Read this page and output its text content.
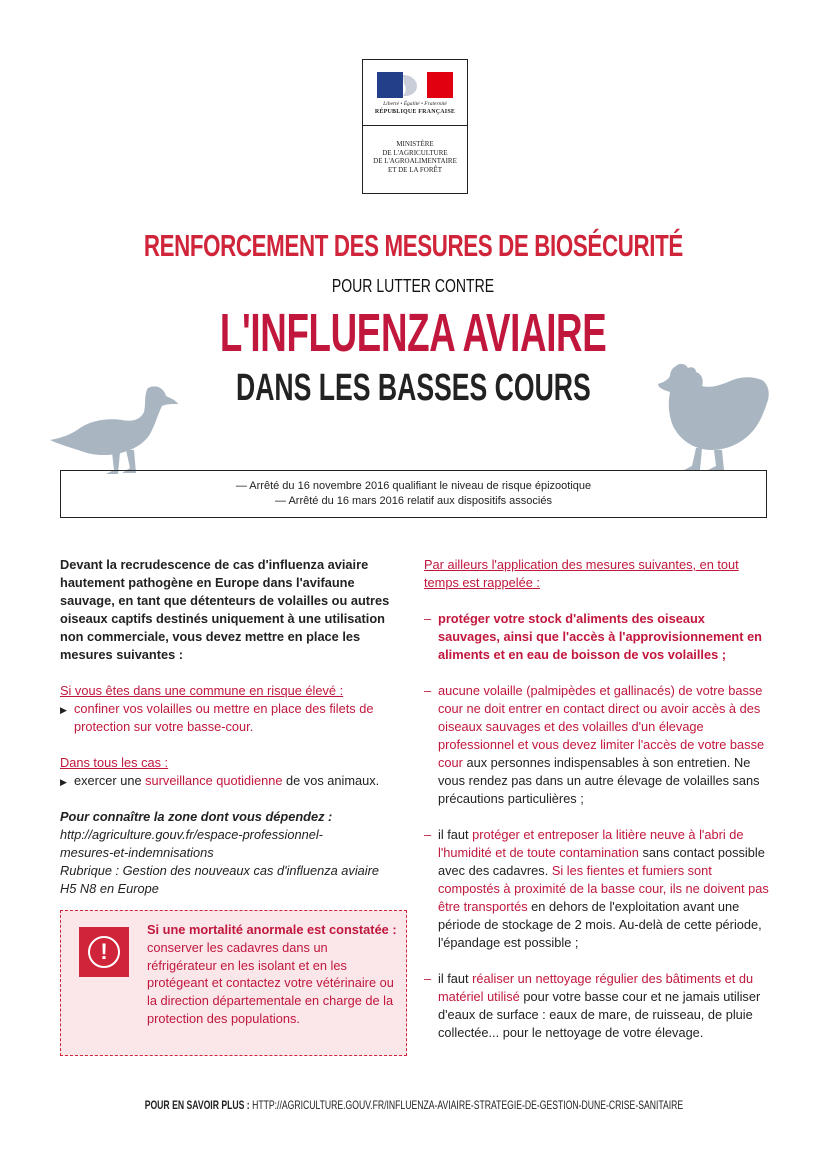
Liberté • Égalité • Fraternité
RÉPUBLIQUE FRANÇAISE
MINISTÈRE
DE L'AGRICULTURE
DE L'AGROALIMENTAIRE
ET DE LA FORÊT
RENFORCEMENT DES MESURES DE BIOSÉCURITÉ
POUR LUTTER CONTRE
L'INFLUENZA AVIAIRE
DANS LES BASSES COURS
— Arrêté du 16 novembre 2016 qualifiant le niveau de risque épizootique
— Arrêté du 16 mars 2016 relatif aux dispositifs associés

Devant la recrudescence de cas d'influenza aviaire hautement pathogène en Europe dans l'avifaune sauvage, en tant que détenteurs de volailles ou autres oiseaux captifs destinés uniquement à une utilisation non commerciale, vous devez mettre en place les mesures suivantes :

Si vous êtes dans une commune en risque élevé :

▶ confiner vos volailles ou mettre en place des filets de protection sur votre basse-cour.

Dans tous les cas :

▶ exercer une surveillance quotidienne de vos animaux.

Pour connaître la zone dont vous dépendez :

http://agriculture.gouv.fr/espace-professionnel-
mesures-et-indemnisations
Rubrique : Gestion des nouveaux cas d'influenza aviaire
H5 N8 en Europe
!
Si une mortalité anormale est constatée : conserver les cadavres dans un réfrigérateur en les isolant et en les protégeant et contactez votre vétérinaire ou la direction départementale en charge de la protection des populations.

Par ailleurs l'application des mesures suivantes, en tout temps est rappelée :

– protéger votre stock d'aliments des oiseaux sauvages, ainsi que l'accès à l'approvisionnement en aliments et en eau de boisson de vos volailles ;
– aucune volaille (palmipèdes et gallinacés) de votre basse cour ne doit entrer en contact direct ou avoir accès à des oiseaux sauvages et des volailles d'un élevage professionnel et vous devez limiter l'accès de votre basse cour aux personnes indispensables à son entretien. Ne vous rendez pas dans un autre élevage de volailles sans précautions particulières ;
– il faut protéger et entreposer la litière neuve à l'abri de l'humidité et de toute contamination sans contact possible avec des cadavres. Si les fientes et fumiers sont compostés à proximité de la basse cour, ils ne doivent pas être transportés en dehors de l'exploitation avant une période de stockage de 2 mois. Au-delà de cette période, l'épandage est possible ;
– il faut réaliser un nettoyage régulier des bâtiments et du matériel utilisé pour votre basse cour et ne jamais utiliser d'eaux de surface : eaux de mare, de ruisseau, de pluie collectée... pour le nettoyage de votre élevage.
POUR EN SAVOIR PLUS : HTTP://AGRICULTURE.GOUV.FR/INFLUENZA-AVIAIRE-STRATEGIE-DE-GESTION-DUNE-CRISE-SANITAIRE
